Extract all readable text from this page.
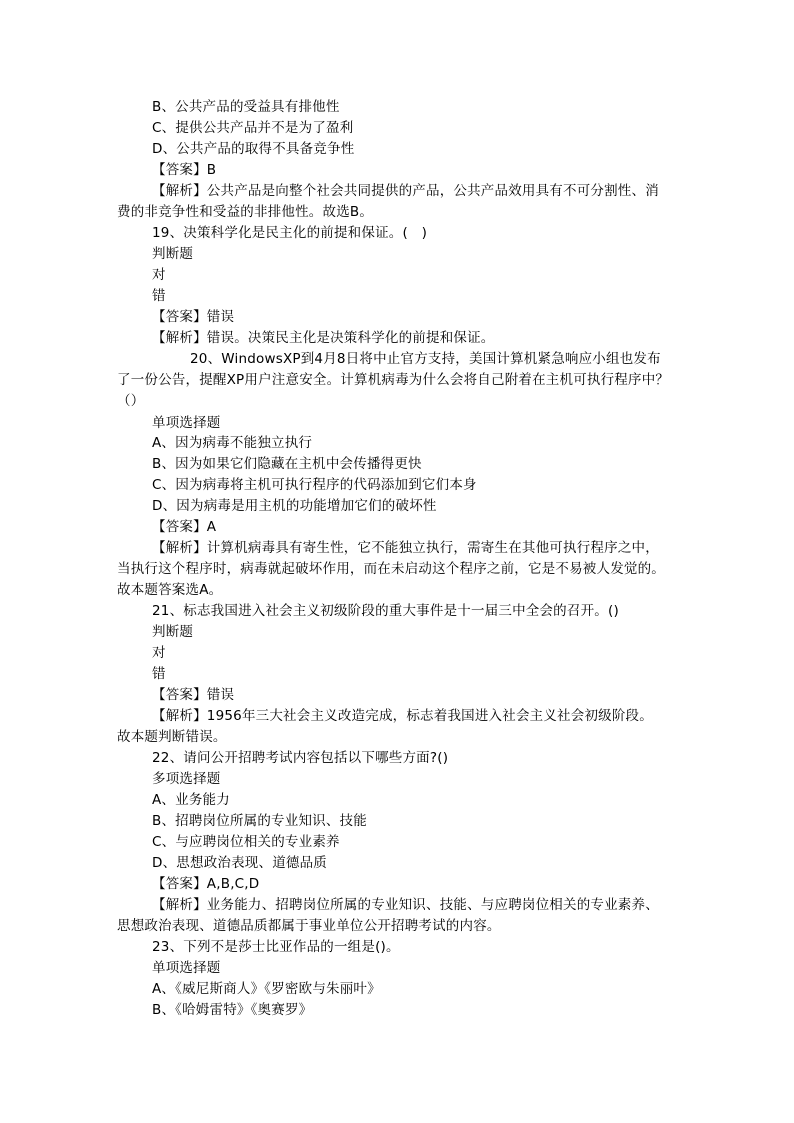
B、公共产品的受益具有排他性
C、提供公共产品并不是为了盈利
D、公共产品的取得不具备竞争性
【答案】B
【解析】公共产品是向整个社会共同提供的产品，公共产品效用具有不可分割性、消
费的非竞争性和受益的非排他性。故选B。
19、决策科学化是民主化的前提和保证。(　)
判断题
对
错
【答案】错误
【解析】错误。决策民主化是决策科学化的前提和保证。
20、WindowsXP到4月8日将中止官方支持，美国计算机紧急响应小组也发布
了一份公告，提醒XP用户注意安全。计算机病毒为什么会将自己附着在主机可执行程序中？
（）
单项选择题
A、因为病毒不能独立执行
B、因为如果它们隐藏在主机中会传播得更快
C、因为病毒将主机可执行程序的代码添加到它们本身
D、因为病毒是用主机的功能增加它们的破坏性
【答案】A
【解析】计算机病毒具有寄生性，它不能独立执行，需寄生在其他可执行程序之中，
当执行这个程序时，病毒就起破坏作用，而在未启动这个程序之前，它是不易被人发觉的。
故本题答案选A。
21、标志我国进入社会主义初级阶段的重大事件是十一届三中全会的召开。()
判断题
对
错
【答案】错误
【解析】1956年三大社会主义改造完成，标志着我国进入社会主义社会初级阶段。
故本题判断错误。
22、请问公开招聘考试内容包括以下哪些方面?()
多项选择题
A、业务能力
B、招聘岗位所属的专业知识、技能
C、与应聘岗位相关的专业素养
D、思想政治表现、道德品质
【答案】A,B,C,D
【解析】业务能力、招聘岗位所属的专业知识、技能、与应聘岗位相关的专业素养、
思想政治表现、道德品质都属于事业单位公开招聘考试的内容。
23、下列不是莎士比亚作品的一组是()。
单项选择题
A、《威尼斯商人》《罗密欧与朱丽叶》
B、《哈姆雷特》《奥赛罗》
